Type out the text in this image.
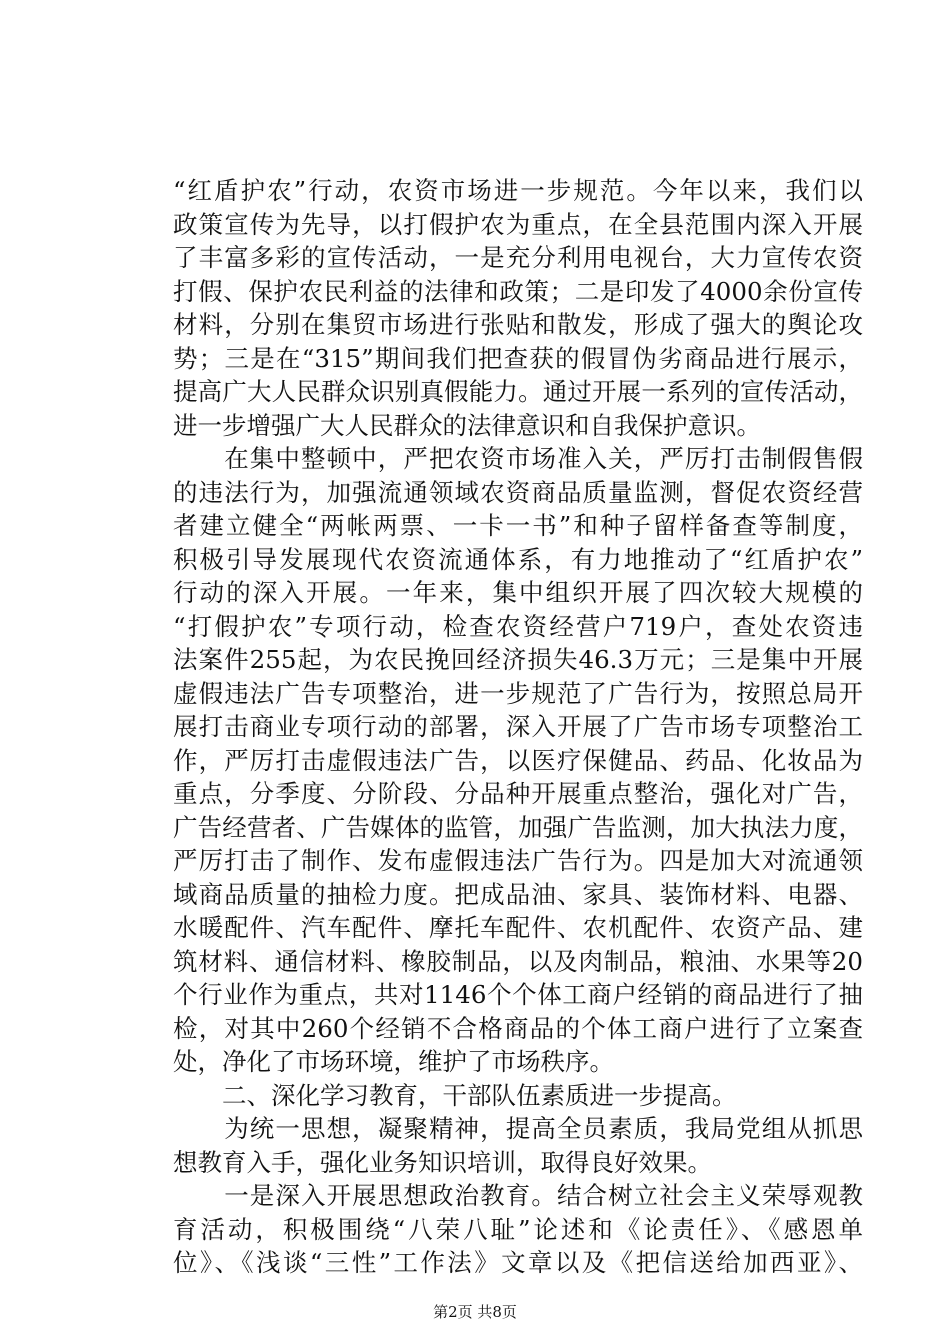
“红盾护农”行动，农资市场进一步规范。今年以来，我们以
政策宣传为先导，以打假护农为重点，在全县范围内深入开展
了丰富多彩的宣传活动，一是充分利用电视台，大力宣传农资
打假、保护农民利益的法律和政策；二是印发了4000余份宣传
材料，分别在集贸市场进行张贴和散发，形成了强大的舆论攻
势；三是在“315”期间我们把查获的假冒伪劣商品进行展示，
提高广大人民群众识别真假能力。通过开展一系列的宣传活动，
进一步增强广大人民群众的法律意识和自我保护意识。
　　在集中整顿中，严把农资市场准入关，严厉打击制假售假
的违法行为，加强流通领域农资商品质量监测，督促农资经营
者建立健全“两帐两票、一卡一书”和种子留样备查等制度，
积极引导发展现代农资流通体系，有力地推动了“红盾护农”
行动的深入开展。一年来，集中组织开展了四次较大规模的
“打假护农”专项行动，检查农资经营户719户，查处农资违
法案件255起，为农民挽回经济损失46.3万元；三是集中开展
虚假违法广告专项整治，进一步规范了广告行为，按照总局开
展打击商业专项行动的部署，深入开展了广告市场专项整治工
作，严厉打击虚假违法广告，以医疗保健品、药品、化妆品为
重点，分季度、分阶段、分品种开展重点整治，强化对广告，
广告经营者、广告媒体的监管，加强广告监测，加大执法力度，
严厉打击了制作、发布虚假违法广告行为。四是加大对流通领
域商品质量的抽检力度。把成品油、家具、装饰材料、电器、
水暖配件、汽车配件、摩托车配件、农机配件、农资产品、建
筑材料、通信材料、橡胶制品，以及肉制品，粮油、水果等20
个行业作为重点，共对1146个个体工商户经销的商品进行了抽
检，对其中260个经销不合格商品的个体工商户进行了立案查
处，净化了市场环境，维护了市场秩序。
　　二、深化学习教育，干部队伍素质进一步提高。
　　为统一思想，凝聚精神，提高全员素质，我局党组从抓思
想教育入手，强化业务知识培训，取得良好效果。
　　一是深入开展思想政治教育。结合树立社会主义荣辱观教
育活动，积极围绕“八荣八耻”论述和《论责任》、《感恩单
位》、《浅谈“三性”工作法》文章以及《把信送给加西亚》、
第2页 共8页
